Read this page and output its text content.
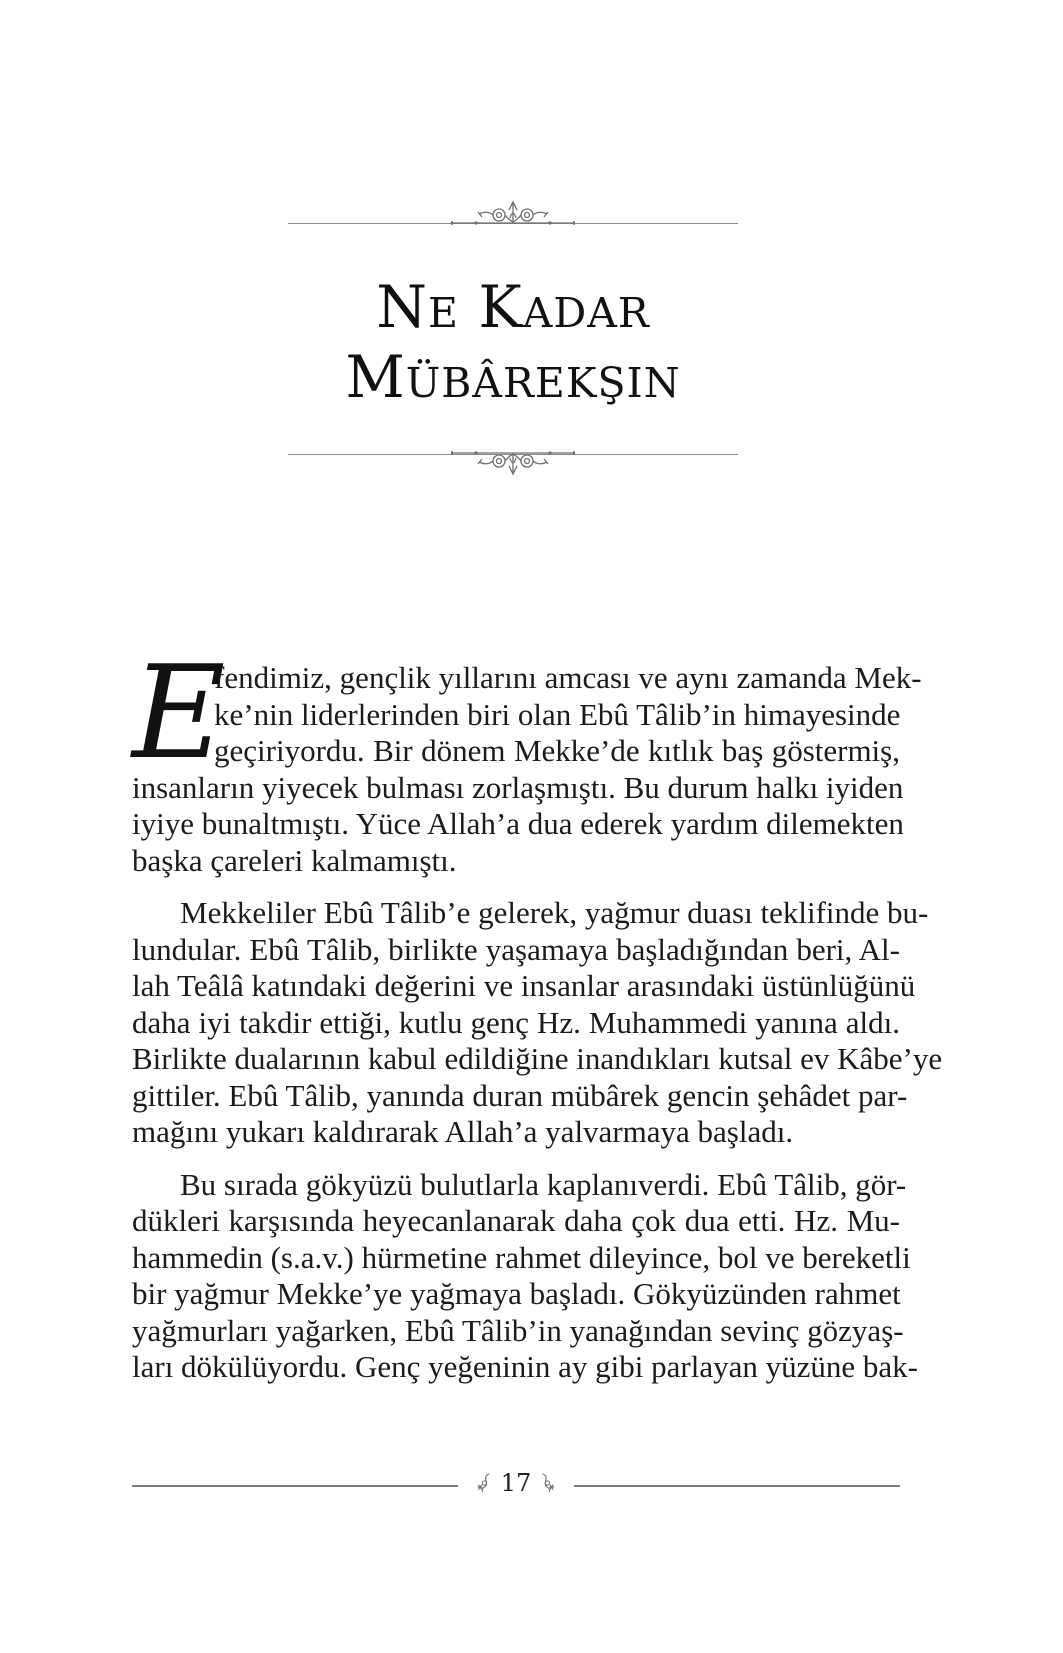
Ne Kadar
Mübârekşin
E
fendimiz, gençlik yıllarını amcası ve aynı zamanda Mek-
ke’nin liderlerinden biri olan Ebû Tâlib’in himayesinde
geçiriyordu. Bir dönem Mekke’de kıtlık baş göstermiş,
insanların yiyecek bulması zorlaşmıştı. Bu durum halkı iyiden
iyiye bunaltmıştı. Yüce Allah’a dua ederek yardım dilemekten
başka çareleri kalmamıştı.
Mekkeliler Ebû Tâlib’e gelerek, yağmur duası teklifinde bu-
lundular. Ebû Tâlib, birlikte yaşamaya başladığından beri, Al-
lah Teâlâ katındaki değerini ve insanlar arasındaki üstünlüğünü
daha iyi takdir ettiği, kutlu genç Hz. Muhammedi yanına aldı.
Birlikte dualarının kabul edildiğine inandıkları kutsal ev Kâbe’ye
gittiler. Ebû Tâlib, yanında duran mübârek gencin şehâdet par-
mağını yukarı kaldırarak Allah’a yalvarmaya başladı.
Bu sırada gökyüzü bulutlarla kaplanıverdi. Ebû Tâlib, gör-
dükleri karşısında heyecanlanarak daha çok dua etti. Hz. Mu-
hammedin (s.a.v.) hürmetine rahmet dileyince, bol ve bereketli
bir yağmur Mekke’ye yağmaya başladı. Gökyüzünden rahmet
yağmurları yağarken, Ebû Tâlib’in yanağından sevinç gözyaş-
ları dökülüyordu. Genç yeğeninin ay gibi parlayan yüzüne bak-
17
